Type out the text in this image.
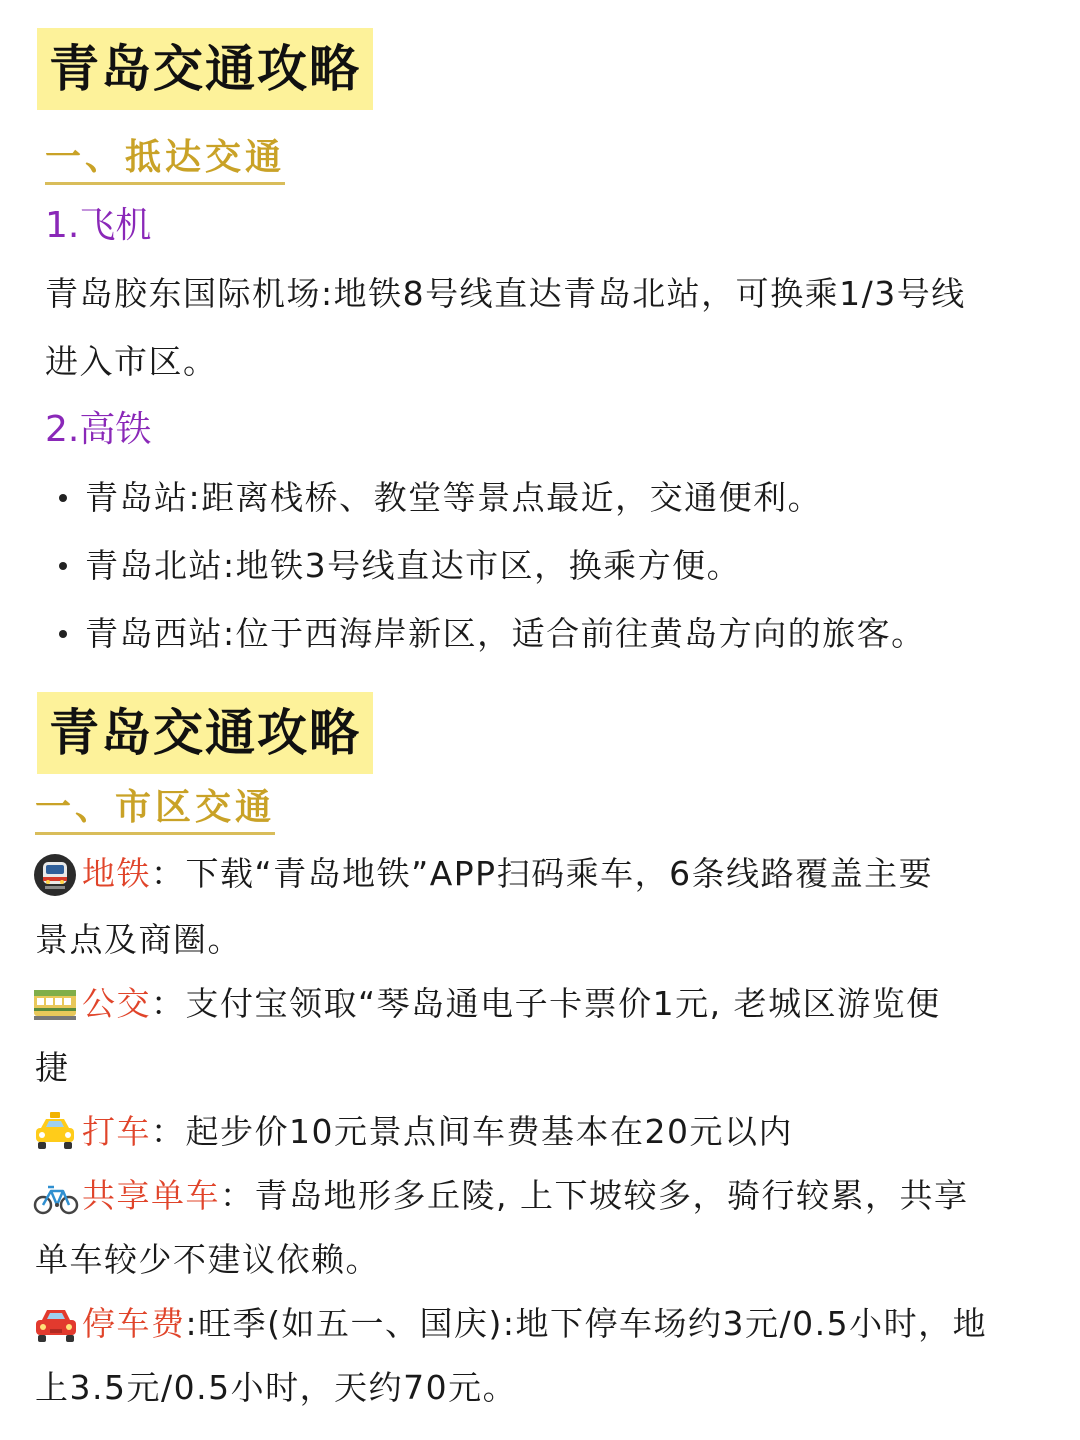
青岛交通攻略
一、抵达交通
1.飞机
青岛胶东国际机场:地铁8号线直达青岛北站，可换乘1/3号线
进入市区。
2.高铁
青岛站:距离栈桥、教堂等景点最近，交通便利。
青岛北站:地铁3号线直达市区，换乘方便。
青岛西站:位于西海岸新区，适合前往黄岛方向的旅客。
青岛交通攻略
一、市区交通
地铁：下载“青岛地铁”APP扫码乘车，6条线路覆盖主要
景点及商圈。
公交：支付宝领取“琴岛通电子卡票价1元, 老城区游览便
捷
打车：起步价10元景点间车费基本在20元以内
共享单车：青岛地形多丘陵, 上下坡较多，骑行较累，共享
单车较少不建议依赖。
停车费:旺季(如五一、国庆):地下停车场约3元/0.5小时，地
上3.5元/0.5小时，天约70元。
